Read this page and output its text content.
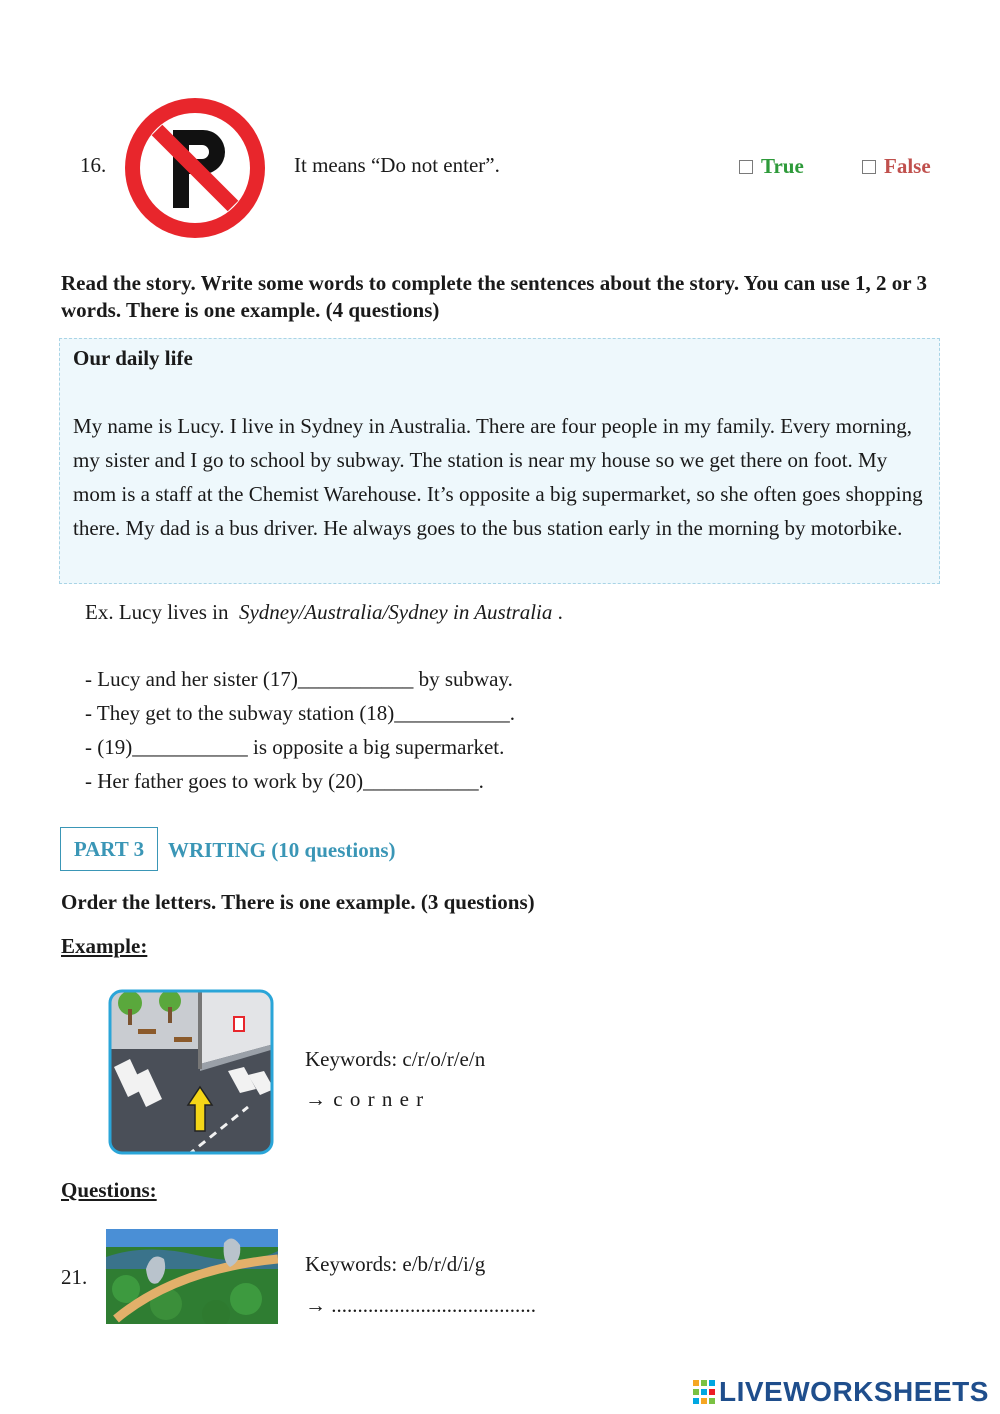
16.	It means “Do not enter”.	True	False
Read the story. Write some words to complete the sentences about the story. You can use 1, 2 or 3 words. There is one example. (4 questions)
Our daily life
My name is Lucy. I live in Sydney in Australia. There are four people in my family. Every morning, my sister and I go to school by subway. The station is near my house so we get there on foot. My mom is a staff at the Chemist Warehouse. It’s opposite a big supermarket, so she often goes shopping there. My dad is a bus driver. He always goes to the bus station early in the morning by motorbike.
Ex. Lucy lives in Sydney/Australia/Sydney in Australia .
- Lucy and her sister (17)___________ by subway.
- They get to the subway station (18)___________.
- (19)___________ is opposite a big supermarket.
- Her father goes to work by (20)___________.
PART 3	WRITING (10 questions)
Order the letters. There is one example. (3 questions)
Example:
Keywords: c/r/o/r/e/n
→ c o r n e r
Questions:
21.
Keywords: e/b/r/d/i/g
→ .......................................
LIVEWORKSHEETS
